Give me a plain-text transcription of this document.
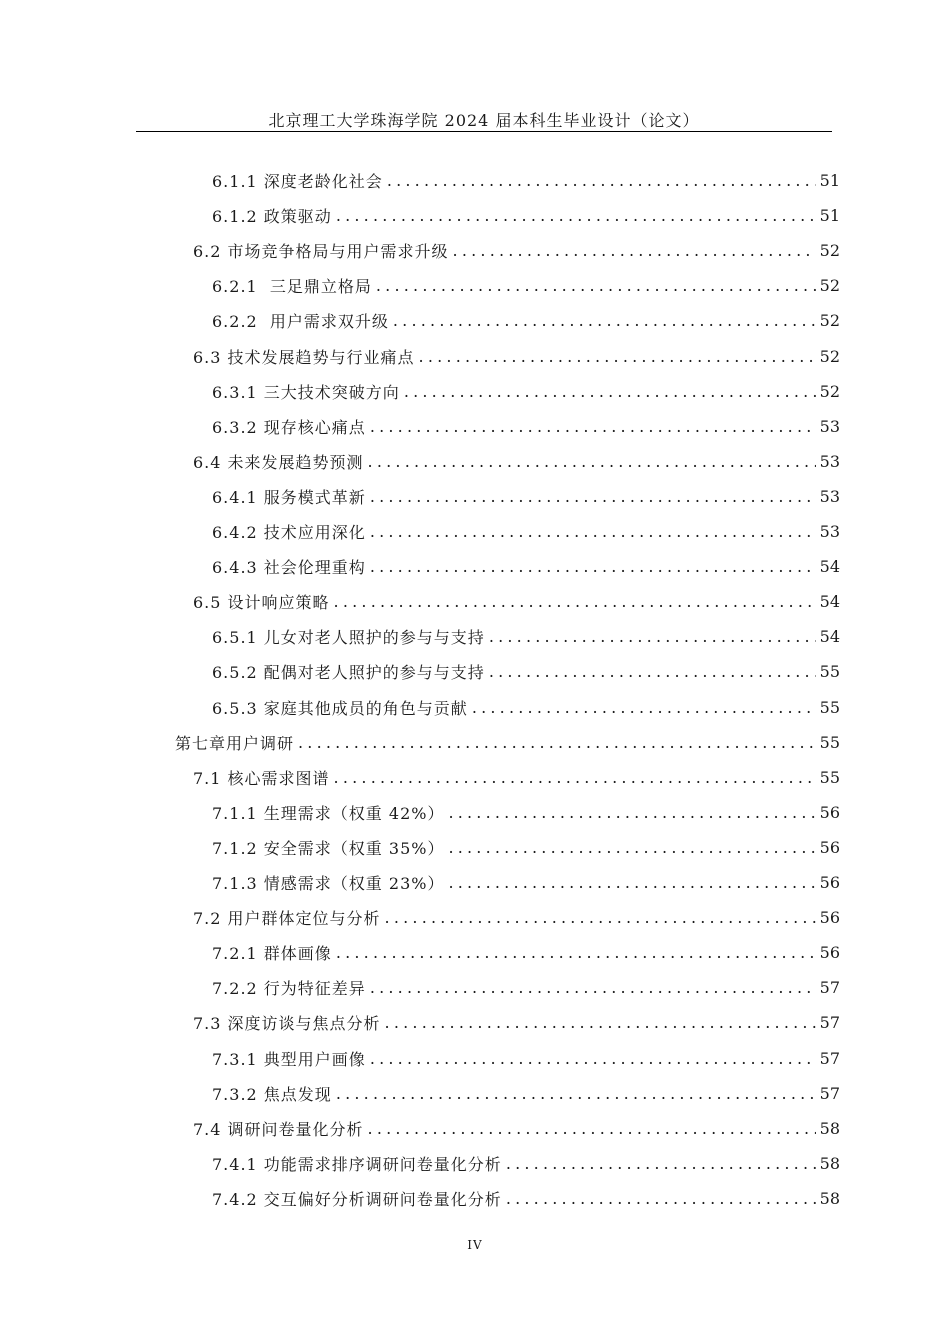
北京理工大学珠海学院 2024 届本科生毕业设计（论文）
6.1.1 深度老龄化社会 .....	51
6.1.2 政策驱动 .....	51
6.2 市场竞争格局与用户需求升级 .....	52
6.2.1  三足鼎立格局 .....	52
6.2.2  用户需求双升级 .....	52
6.3 技术发展趋势与行业痛点 .....	52
6.3.1 三大技术突破方向 .....	52
6.3.2 现存核心痛点 .....	53
6.4 未来发展趋势预测 .....	53
6.4.1 服务模式革新 .....	53
6.4.2 技术应用深化 .....	53
6.4.3 社会伦理重构 .....	54
6.5 设计响应策略 .....	54
6.5.1 儿女对老人照护的参与与支持 .....	54
6.5.2 配偶对老人照护的参与与支持 .....	55
6.5.3 家庭其他成员的角色与贡献 .....	55
第七章用户调研 .....	55
7.1 核心需求图谱 .....	55
7.1.1 生理需求（权重 42%） .....	56
7.1.2 安全需求（权重 35%） .....	56
7.1.3 情感需求（权重 23%） .....	56
7.2 用户群体定位与分析 .....	56
7.2.1 群体画像 .....	56
7.2.2 行为特征差异 .....	57
7.3 深度访谈与焦点分析 .....	57
7.3.1 典型用户画像 .....	57
7.3.2 焦点发现 .....	57
7.4 调研问卷量化分析 .....	58
7.4.1 功能需求排序调研问卷量化分析 .....	58
7.4.2 交互偏好分析调研问卷量化分析 .....	58
IV
